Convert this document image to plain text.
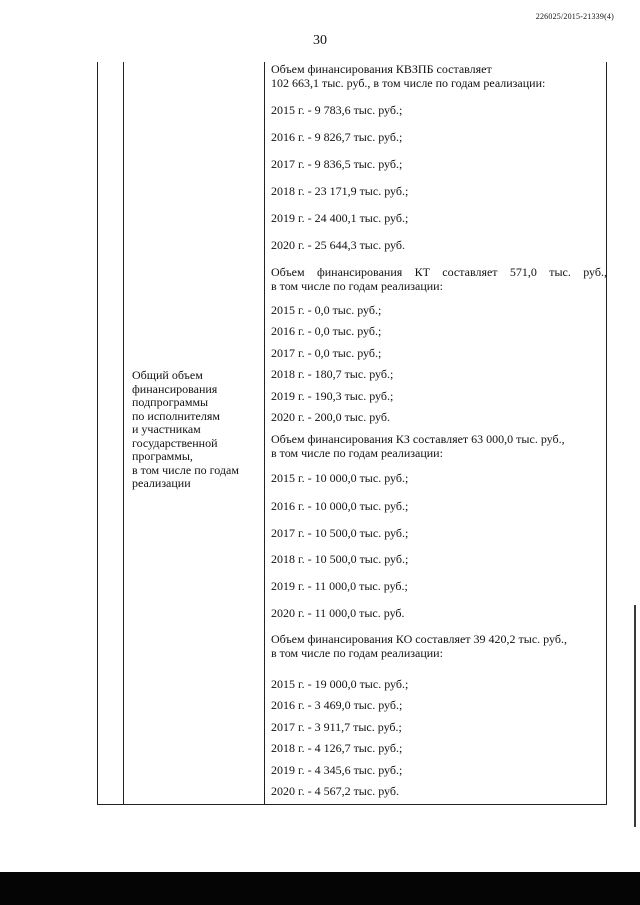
226025/2015-21339(4)
30
Общий объем
финансирования
подпрограммы
по исполнителям
и участникам
государственной
программы,
в том числе по годам
реализации
Объем финансирования КВЗПБ составляет
102 663,1 тыс. руб., в том числе по годам реализации:
2015 г. - 9 783,6 тыс. руб.;
2016 г. - 9 826,7 тыс. руб.;
2017 г. - 9 836,5 тыс. руб.;
2018 г. - 23 171,9 тыс. руб.;
2019 г. - 24 400,1 тыс. руб.;
2020 г. - 25 644,3 тыс. руб.
Объем финансирования КТ составляет 571,0 тыс. руб.,
в том числе по годам реализации:
2015 г. - 0,0 тыс. руб.;
2016 г. - 0,0 тыс. руб.;
2017 г. - 0,0 тыс. руб.;
2018 г. - 180,7 тыс. руб.;
2019 г. - 190,3 тыс. руб.;
2020 г. - 200,0 тыс. руб.
Объем финансирования КЗ составляет 63 000,0 тыс. руб.,
в том числе по годам реализации:
2015 г. - 10 000,0 тыс. руб.;
2016 г. - 10 000,0 тыс. руб.;
2017 г. - 10 500,0 тыс. руб.;
2018 г. - 10 500,0 тыс. руб.;
2019 г. - 11 000,0 тыс. руб.;
2020 г. - 11 000,0 тыс. руб.
Объем финансирования КО составляет 39 420,2 тыс. руб.,
в том числе по годам реализации:
2015 г. - 19 000,0 тыс. руб.;
2016 г. - 3 469,0 тыс. руб.;
2017 г. - 3 911,7 тыс. руб.;
2018 г. - 4 126,7 тыс. руб.;
2019 г. - 4 345,6 тыс. руб.;
2020 г. - 4 567,2 тыс. руб.
